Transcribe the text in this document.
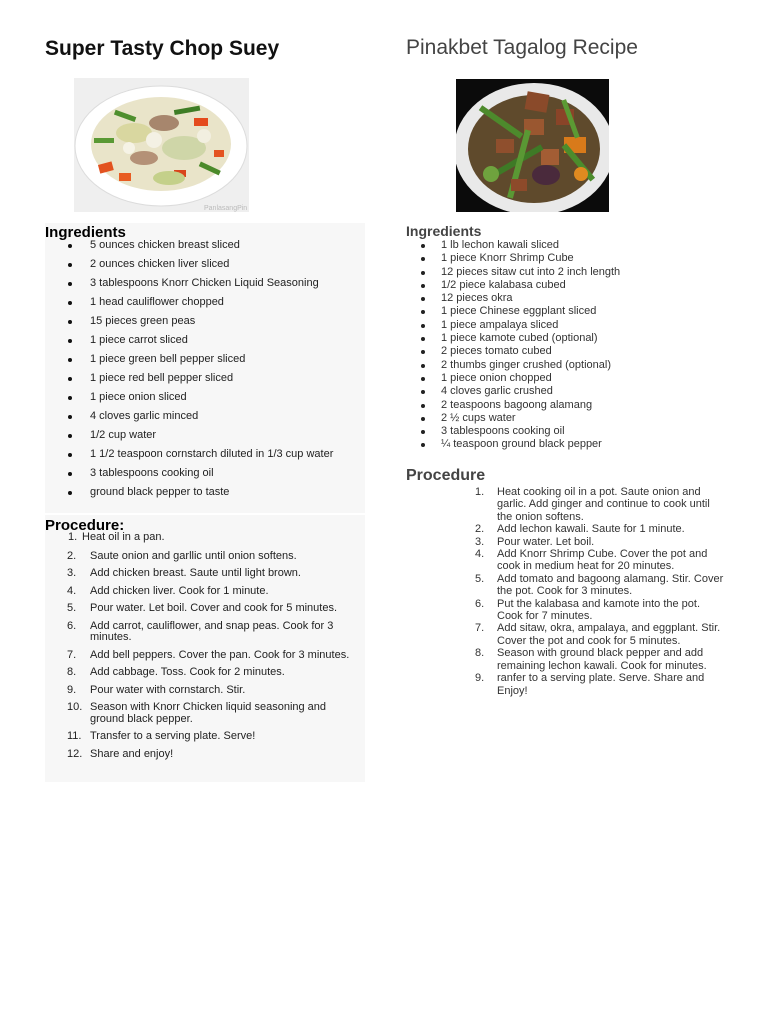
Super Tasty Chop Suey
PanlasangPin
Ingredients
5 ounces chicken breast sliced
2 ounces chicken liver sliced
3 tablespoons Knorr Chicken Liquid Seasoning
1 head cauliflower chopped
15 pieces green peas
1 piece carrot sliced
1 piece green bell pepper sliced
1 piece red bell pepper sliced
1 piece onion sliced
4 cloves garlic minced
1/2 cup water
1 1/2 teaspoon cornstarch diluted in 1/3 cup water
3 tablespoons cooking oil
ground black pepper to taste
Procedure:
1. Heat oil in a pan.
2. Saute onion and garllic until onion softens.
3. Add chicken breast. Saute until light brown.
4. Add chicken liver. Cook for 1 minute.
5. Pour water. Let boil. Cover and cook for 5 minutes.
6. Add carrot, cauliflower, and snap peas. Cook for 3 minutes.
7. Add bell peppers. Cover the pan. Cook for 3 minutes.
8. Add cabbage. Toss. Cook for 2 minutes.
9. Pour water with cornstarch. Stir.
10. Season with Knorr Chicken liquid seasoning and ground black pepper.
11. Transfer to a serving plate. Serve!
12. Share and enjoy!
Pinakbet Tagalog Recipe
Ingredients
1 lb lechon kawali sliced
1 piece Knorr Shrimp Cube
12 pieces sitaw cut into 2 inch length
1/2 piece kalabasa cubed
12 pieces okra
1 piece Chinese eggplant sliced
1 piece ampalaya sliced
1 piece kamote cubed (optional)
2 pieces tomato cubed
2 thumbs ginger crushed (optional)
1 piece onion chopped
4 cloves garlic crushed
2 teaspoons bagoong alamang
2 ½ cups water
3 tablespoons cooking oil
¼ teaspoon ground black pepper
Procedure
1. Heat cooking oil in a pot. Saute onion and garlic. Add ginger and continue to cook until the onion softens.
2. Add lechon kawali. Saute for 1 minute.
3. Pour water. Let boil.
4. Add Knorr Shrimp Cube. Cover the pot and cook in medium heat for 20 minutes.
5. Add tomato and bagoong alamang. Stir. Cover the pot. Cook for 3 minutes.
6. Put the kalabasa and kamote into the pot. Cook for 7 minutes.
7. Add sitaw, okra, ampalaya, and eggplant. Stir. Cover the pot and cook for 5 minutes.
8. Season with ground black pepper and add remaining lechon kawali. Cook for minutes.
9. ranfer to a serving plate. Serve. Share and Enjoy!
